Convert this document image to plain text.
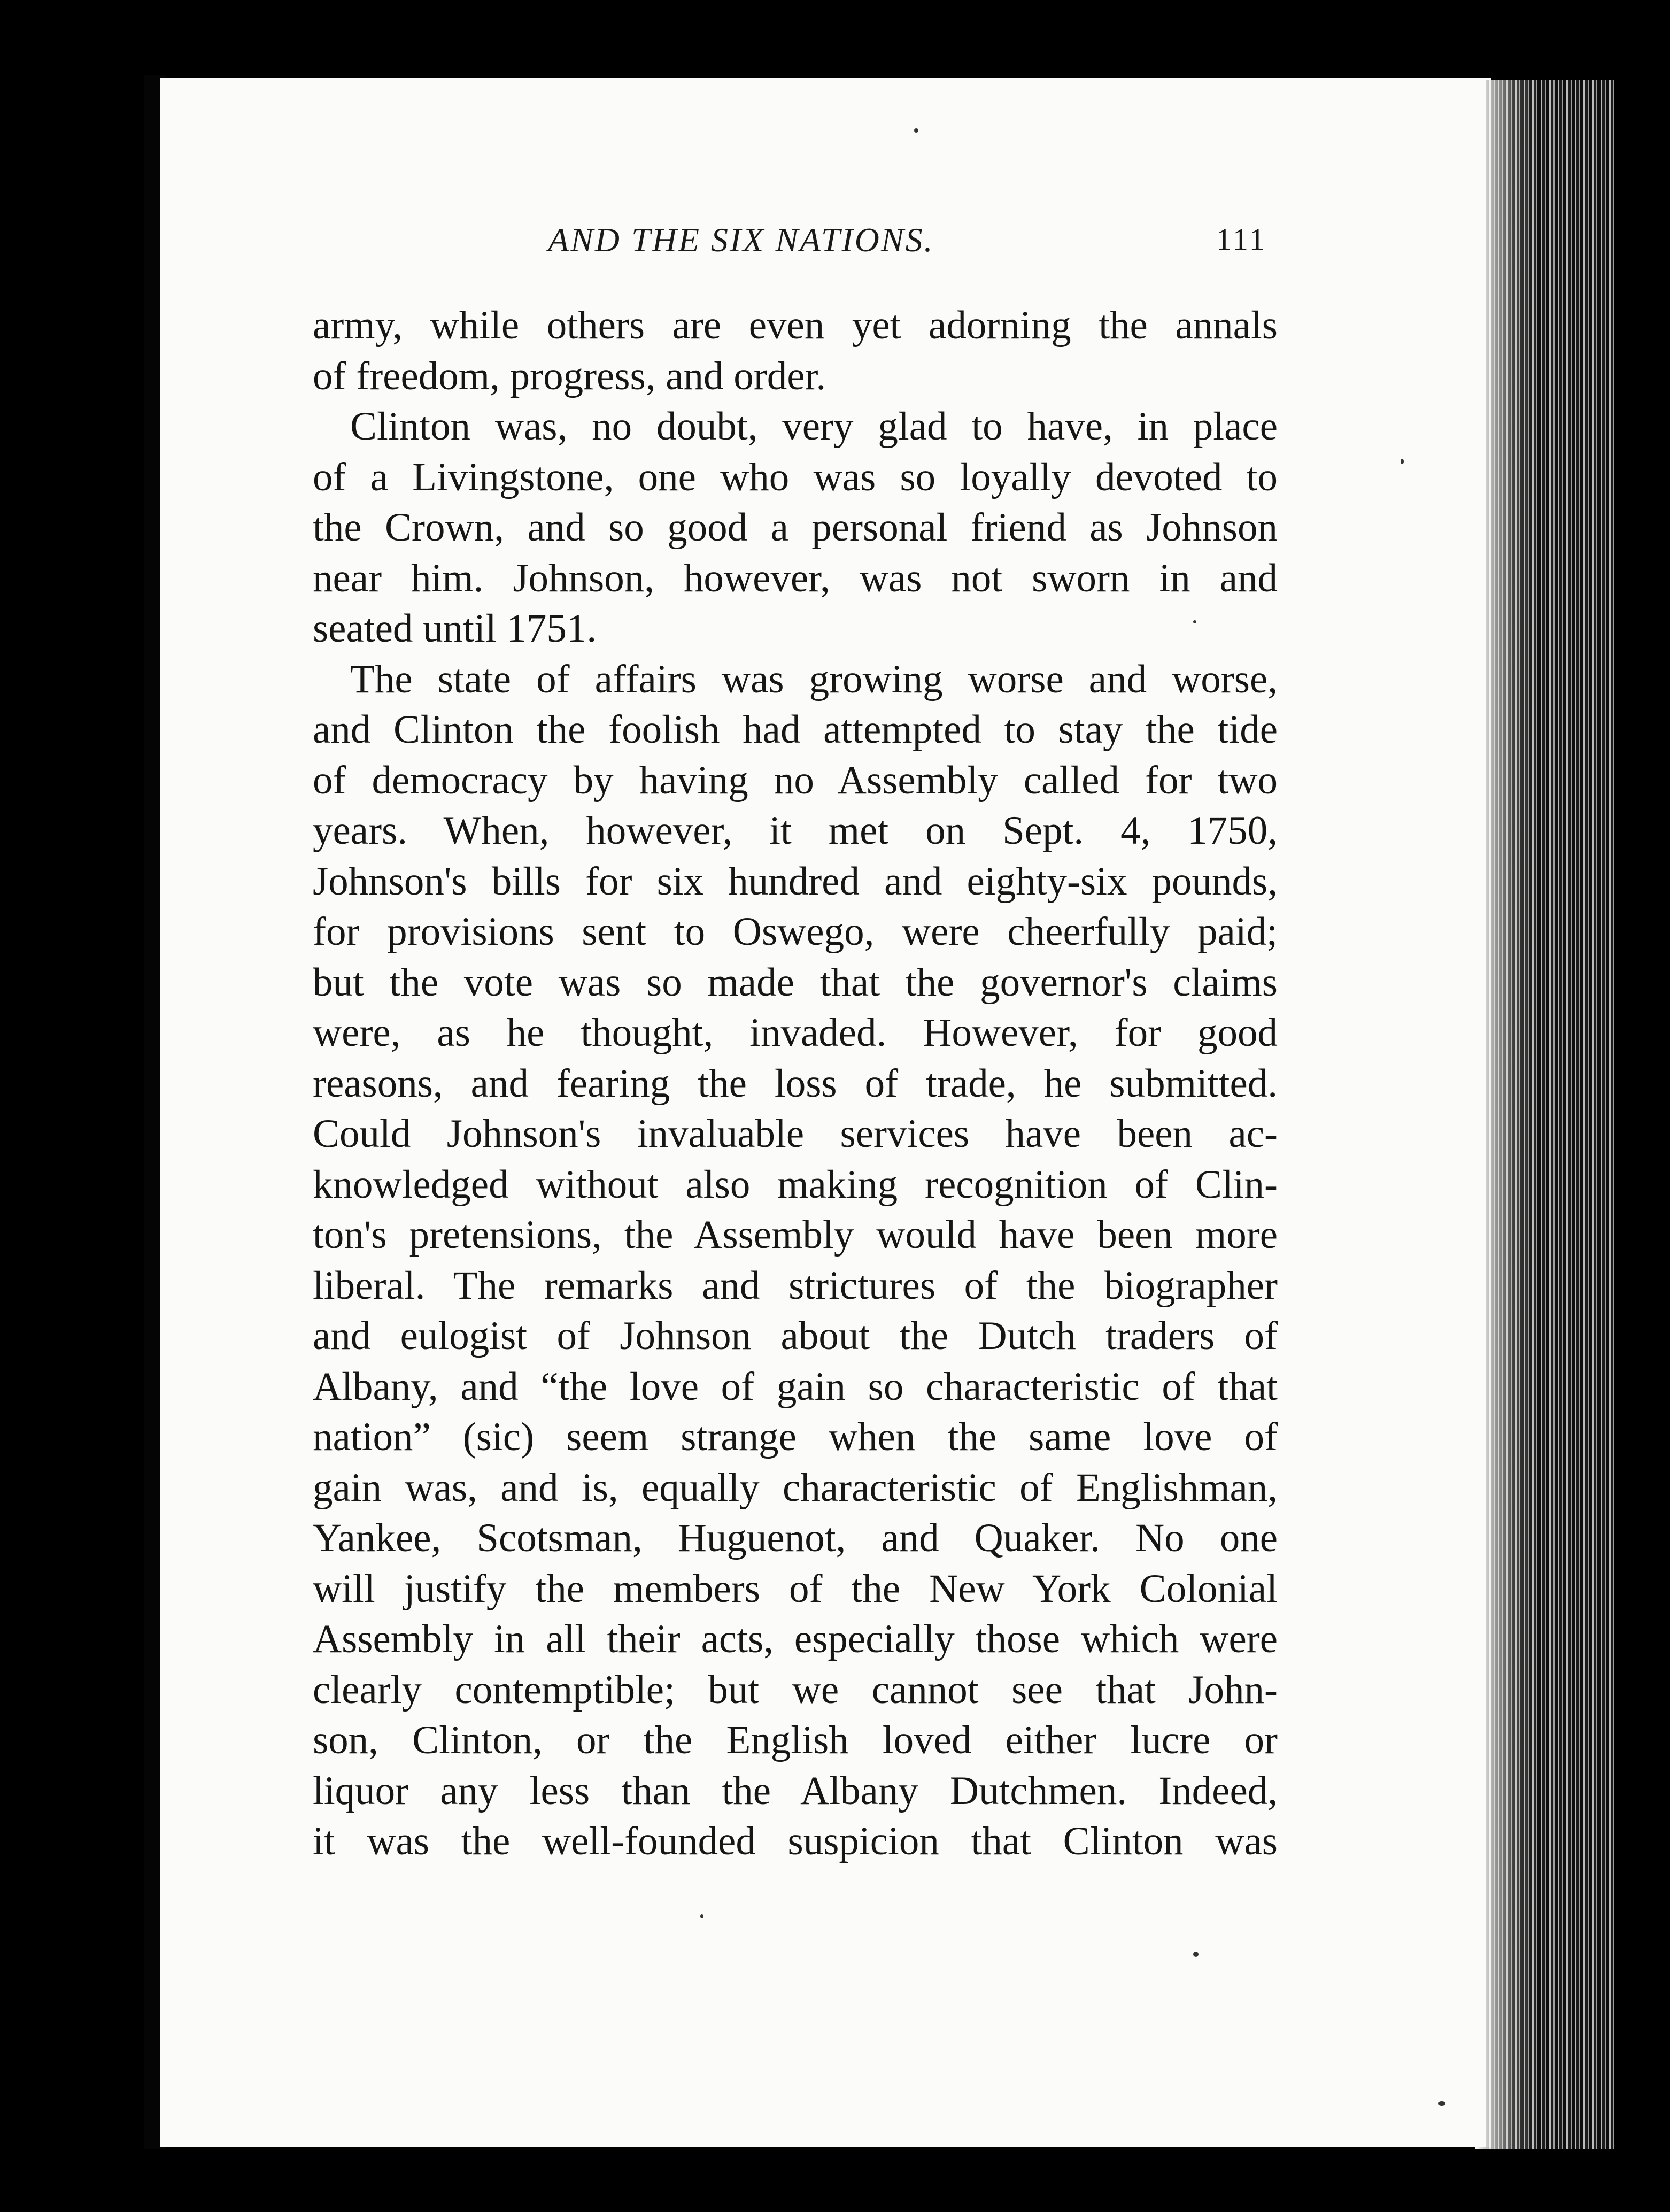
AND THE SIX NATIONS.	111
army, while others are even yet adorning the annals
of freedom, progress, and order.
Clinton was, no doubt, very glad to have, in place
of a Livingstone, one who was so loyally devoted to
the Crown, and so good a personal friend as Johnson
near him. Johnson, however, was not sworn in and
seated until 1751.
The state of affairs was growing worse and worse,
and Clinton the foolish had attempted to stay the tide
of democracy by having no Assembly called for two
years. When, however, it met on Sept. 4, 1750,
Johnson's bills for six hundred and eighty-six pounds,
for provisions sent to Oswego, were cheerfully paid;
but the vote was so made that the governor's claims
were, as he thought, invaded. However, for good
reasons, and fearing the loss of trade, he submitted.
Could Johnson's invaluable services have been ac-
knowledged without also making recognition of Clin-
ton's pretensions, the Assembly would have been more
liberal. The remarks and strictures of the biographer
and eulogist of Johnson about the Dutch traders of
Albany, and “the love of gain so characteristic of that
nation” (sic) seem strange when the same love of
gain was, and is, equally characteristic of Englishman,
Yankee, Scotsman, Huguenot, and Quaker. No one
will justify the members of the New York Colonial
Assembly in all their acts, especially those which were
clearly contemptible; but we cannot see that John-
son, Clinton, or the English loved either lucre or
liquor any less than the Albany Dutchmen. Indeed,
it was the well-founded suspicion that Clinton was
